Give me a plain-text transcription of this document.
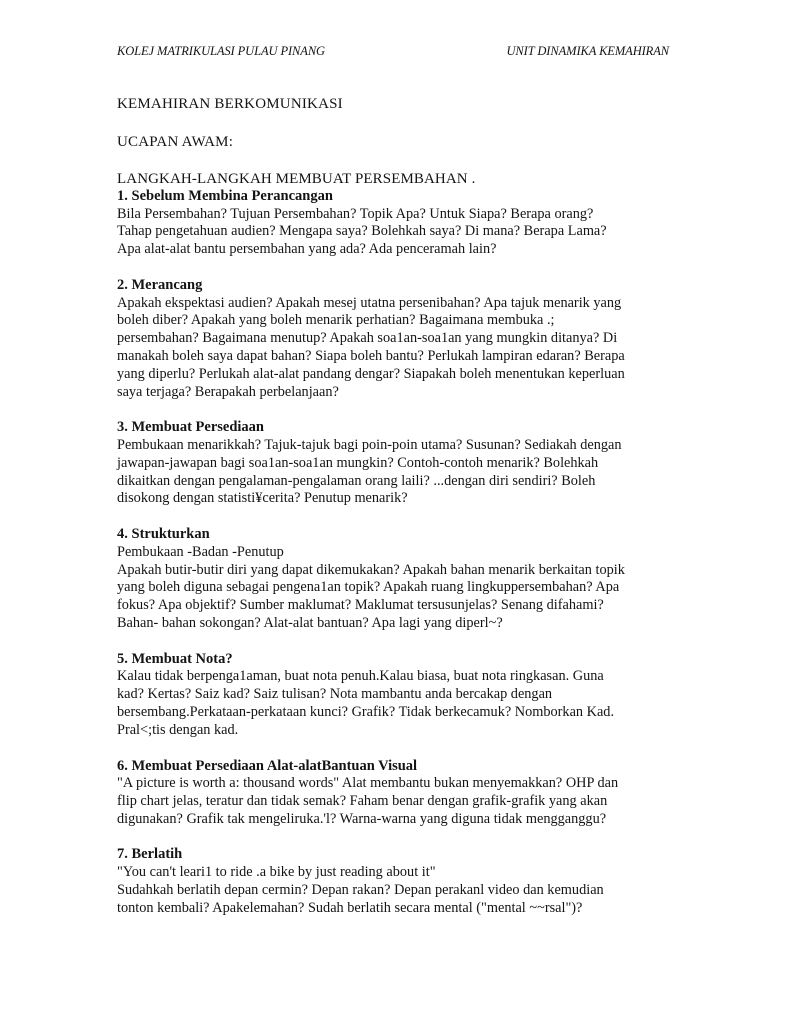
KOLEJ MATRIKULASI PULAU PINANG	UNIT DINAMIKA KEMAHIRAN
KEMAHIRAN BERKOMUNIKASI
UCAPAN AWAM:
LANGKAH-LANGKAH MEMBUAT PERSEMBAHAN .
1. Sebelum Membina Perancangan
Bila Persembahan? Tujuan Persembahan? Topik Apa? Untuk Siapa? Berapa orang?
Tahap pengetahuan audien? Mengapa saya? Bolehkah saya? Di mana? Berapa Lama?
Apa alat-alat bantu persembahan yang ada? Ada penceramah lain?
2. Merancang
Apakah ekspektasi audien? Apakah mesej utatna persenibahan? Apa tajuk menarik yang
boleh diber? Apakah yang boleh menarik perhatian? Bagaimana membuka .;
persembahan? Bagaimana menutup? Apakah soa1an-soa1an yang mungkin ditanya? Di
manakah boleh saya dapat bahan? Siapa boleh bantu? Perlukah lampiran edaran? Berapa
yang diperlu? Perlukah alat-alat pandang dengar? Siapakah boleh menentukan keperluan
saya terjaga? Berapakah perbelanjaan?
3. Membuat Persediaan
Pembukaan menarikkah? Tajuk-tajuk bagi poin-poin utama? Susunan? Sediakah dengan
jawapan-jawapan bagi soa1an-soa1an mungkin? Contoh-contoh menarik? Bolehkah
dikaitkan dengan pengalaman-pengalaman orang laili? ...dengan diri sendiri? Boleh
disokong dengan statisti¥cerita? Penutup menarik?
4. Strukturkan
Pembukaan -Badan -Penutup
Apakah butir-butir diri yang dapat dikemukakan? Apakah bahan menarik berkaitan topik
yang boleh diguna sebagai pengena1an topik? Apakah ruang lingkuppersembahan? Apa
fokus? Apa objektif? Sumber maklumat? Maklumat tersusunjelas? Senang difahami?
Bahan- bahan sokongan? Alat-alat bantuan? Apa lagi yang diperl~?
5. Membuat Nota?
Kalau tidak berpenga1aman, buat nota penuh.Kalau biasa, buat nota ringkasan. Guna
kad? Kertas? Saiz kad? Saiz tulisan? Nota mambantu anda bercakap dengan
bersembang.Perkataan-perkataan kunci? Grafik? Tidak berkecamuk? Nomborkan Kad.
Pral<;tis dengan kad.
6. Membuat Persediaan Alat-alatBantuan Visual
"A picture is worth a: thousand words" Alat membantu bukan menyemakkan? OHP dan
flip chart jelas, teratur dan tidak semak? Faham benar dengan grafik-grafik yang akan
digunakan? Grafik tak mengeliruka.'l? Warna-warna yang diguna tidak mengganggu?
7. Berlatih
"You can't leari1 to ride .a bike by just reading about it"
Sudahkah berlatih depan cermin? Depan rakan? Depan perakanl video dan kemudian
tonton kembali? Apakelemahan? Sudah berlatih secara mental ("mental ~~rsal")?
